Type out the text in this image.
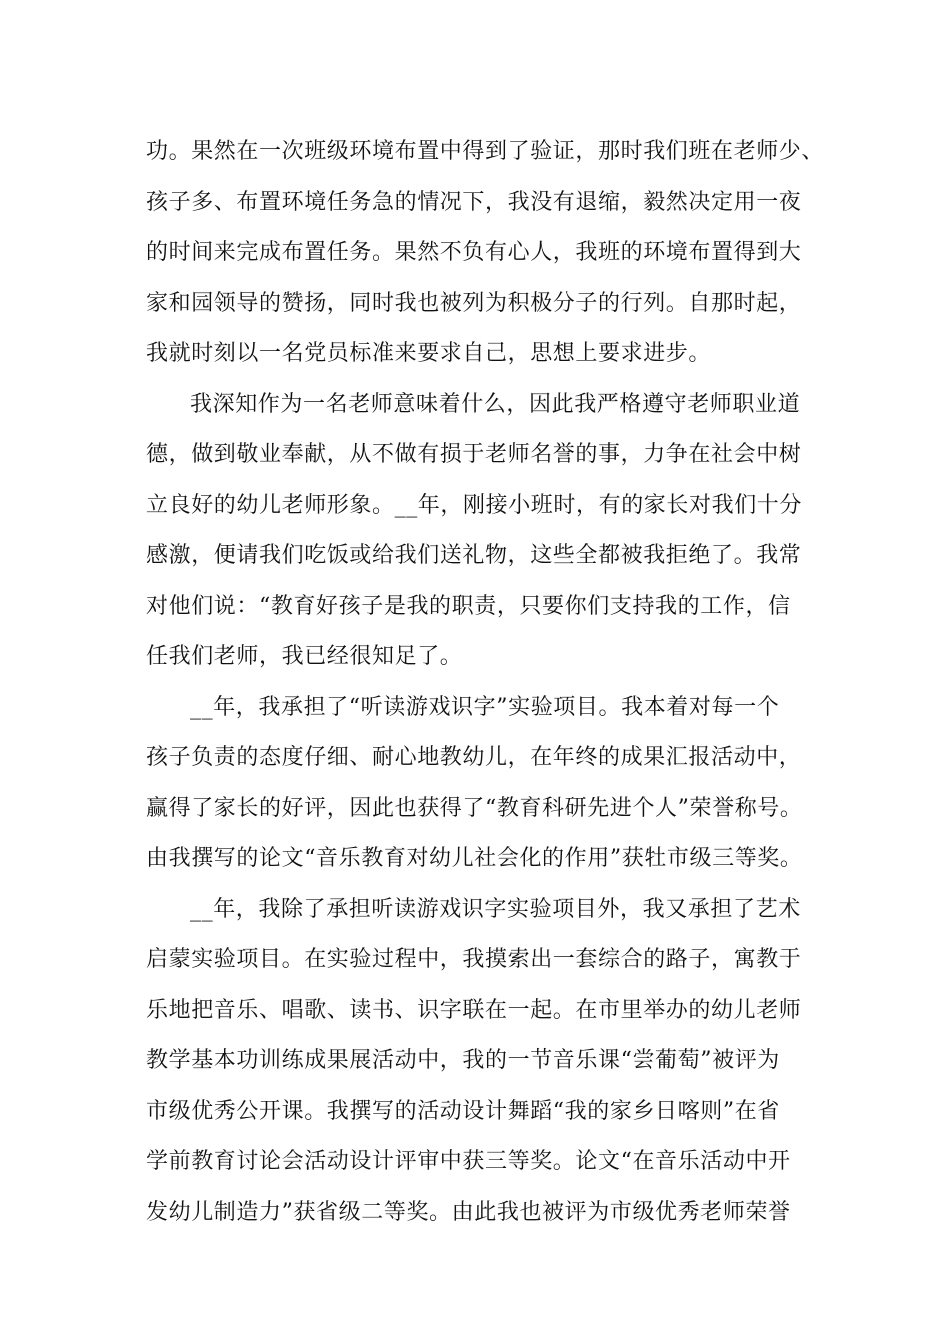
功。果然在一次班级环境布置中得到了验证，那时我们班在老师少、
孩子多、布置环境任务急的情况下，我没有退缩，毅然决定用一夜
的时间来完成布置任务。果然不负有心人，我班的环境布置得到大
家和园领导的赞扬，同时我也被列为积极分子的行列。自那时起，
我就时刻以一名党员标准来要求自己，思想上要求进步。
我深知作为一名老师意味着什么，因此我严格遵守老师职业道
德，做到敬业奉献，从不做有损于老师名誉的事，力争在社会中树
立良好的幼儿老师形象。__年，刚接小班时，有的家长对我们十分
感激，便请我们吃饭或给我们送礼物，这些全都被我拒绝了。我常
对他们说：“教育好孩子是我的职责，只要你们支持我的工作，信
任我们老师，我已经很知足了。
__年，我承担了“听读游戏识字”实验项目。我本着对每一个
孩子负责的态度仔细、耐心地教幼儿，在年终的成果汇报活动中，
赢得了家长的好评，因此也获得了“教育科研先进个人”荣誉称号。
由我撰写的论文“音乐教育对幼儿社会化的作用”获牡市级三等奖。
__年，我除了承担听读游戏识字实验项目外，我又承担了艺术
启蒙实验项目。在实验过程中，我摸索出一套综合的路子，寓教于
乐地把音乐、唱歌、读书、识字联在一起。在市里举办的幼儿老师
教学基本功训练成果展活动中，我的一节音乐课“尝葡萄”被评为
市级优秀公开课。我撰写的活动设计舞蹈“我的家乡日喀则”在省
学前教育讨论会活动设计评审中获三等奖。论文“在音乐活动中开
发幼儿制造力”获省级二等奖。由此我也被评为市级优秀老师荣誉
